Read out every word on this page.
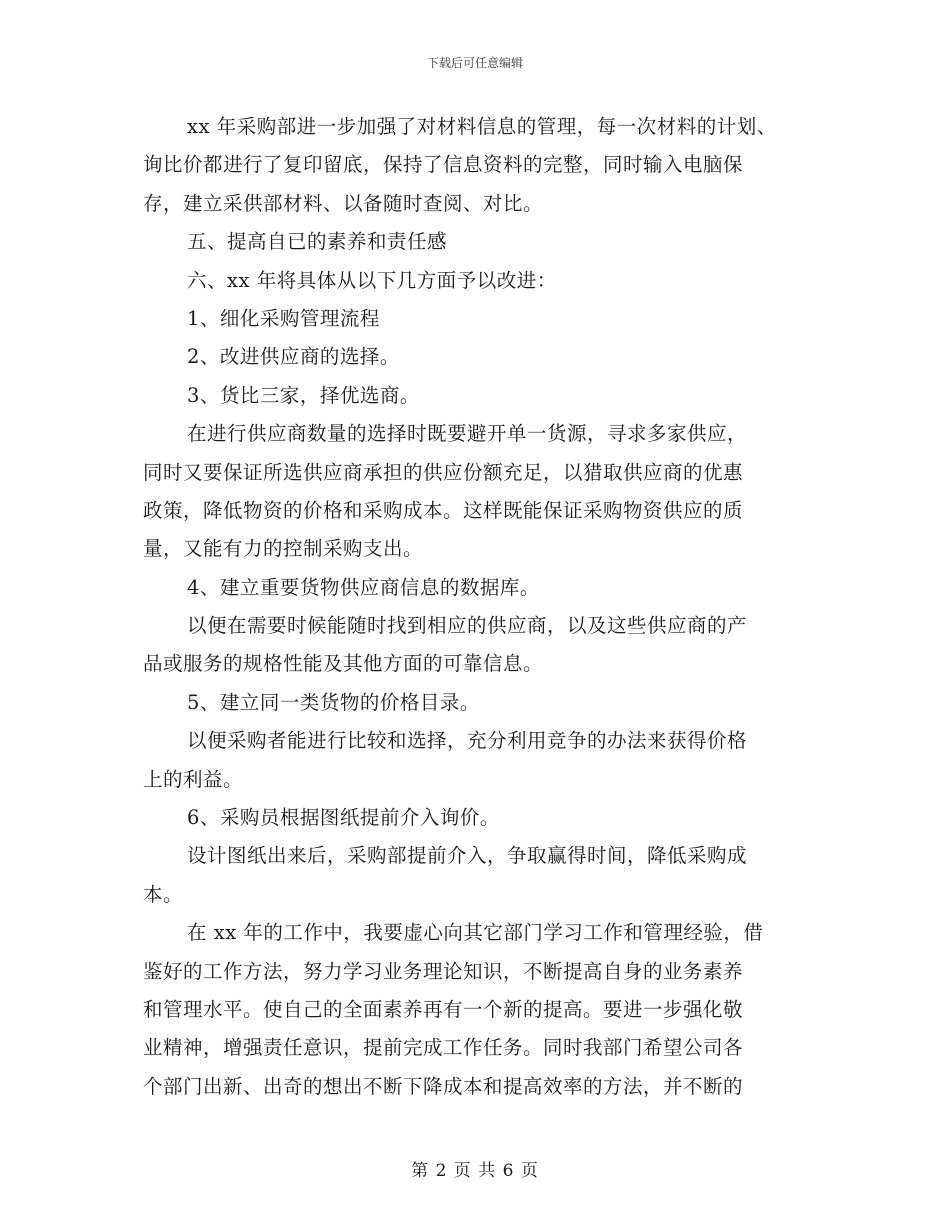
下载后可任意编辑
xx 年采购部进一步加强了对材料信息的管理，每一次材料的计划、
询比价都进行了复印留底，保持了信息资料的完整，同时输入电脑保
存，建立采供部材料、以备随时查阅、对比。
五、提高自已的素养和责任感
六、xx 年将具体从以下几方面予以改进：
1、细化采购管理流程
2、改进供应商的选择。
3、货比三家，择优选商。
在进行供应商数量的选择时既要避开单一货源，寻求多家供应，
同时又要保证所选供应商承担的供应份额充足，以猎取供应商的优惠
政策，降低物资的价格和采购成本。这样既能保证采购物资供应的质
量，又能有力的控制采购支出。
4、建立重要货物供应商信息的数据库。
以便在需要时候能随时找到相应的供应商，以及这些供应商的产
品或服务的规格性能及其他方面的可靠信息。
5、建立同一类货物的价格目录。
以便采购者能进行比较和选择，充分利用竞争的办法来获得价格
上的利益。
6、采购员根据图纸提前介入询价。
设计图纸出来后，采购部提前介入，争取赢得时间，降低采购成
本。
在 xx 年的工作中，我要虚心向其它部门学习工作和管理经验，借
鉴好的工作方法，努力学习业务理论知识，不断提高自身的业务素养
和管理水平。使自己的全面素养再有一个新的提高。要进一步强化敬
业精神，增强责任意识，提前完成工作任务。同时我部门希望公司各
个部门出新、出奇的想出不断下降成本和提高效率的方法，并不断的
第 2 页 共 6 页
